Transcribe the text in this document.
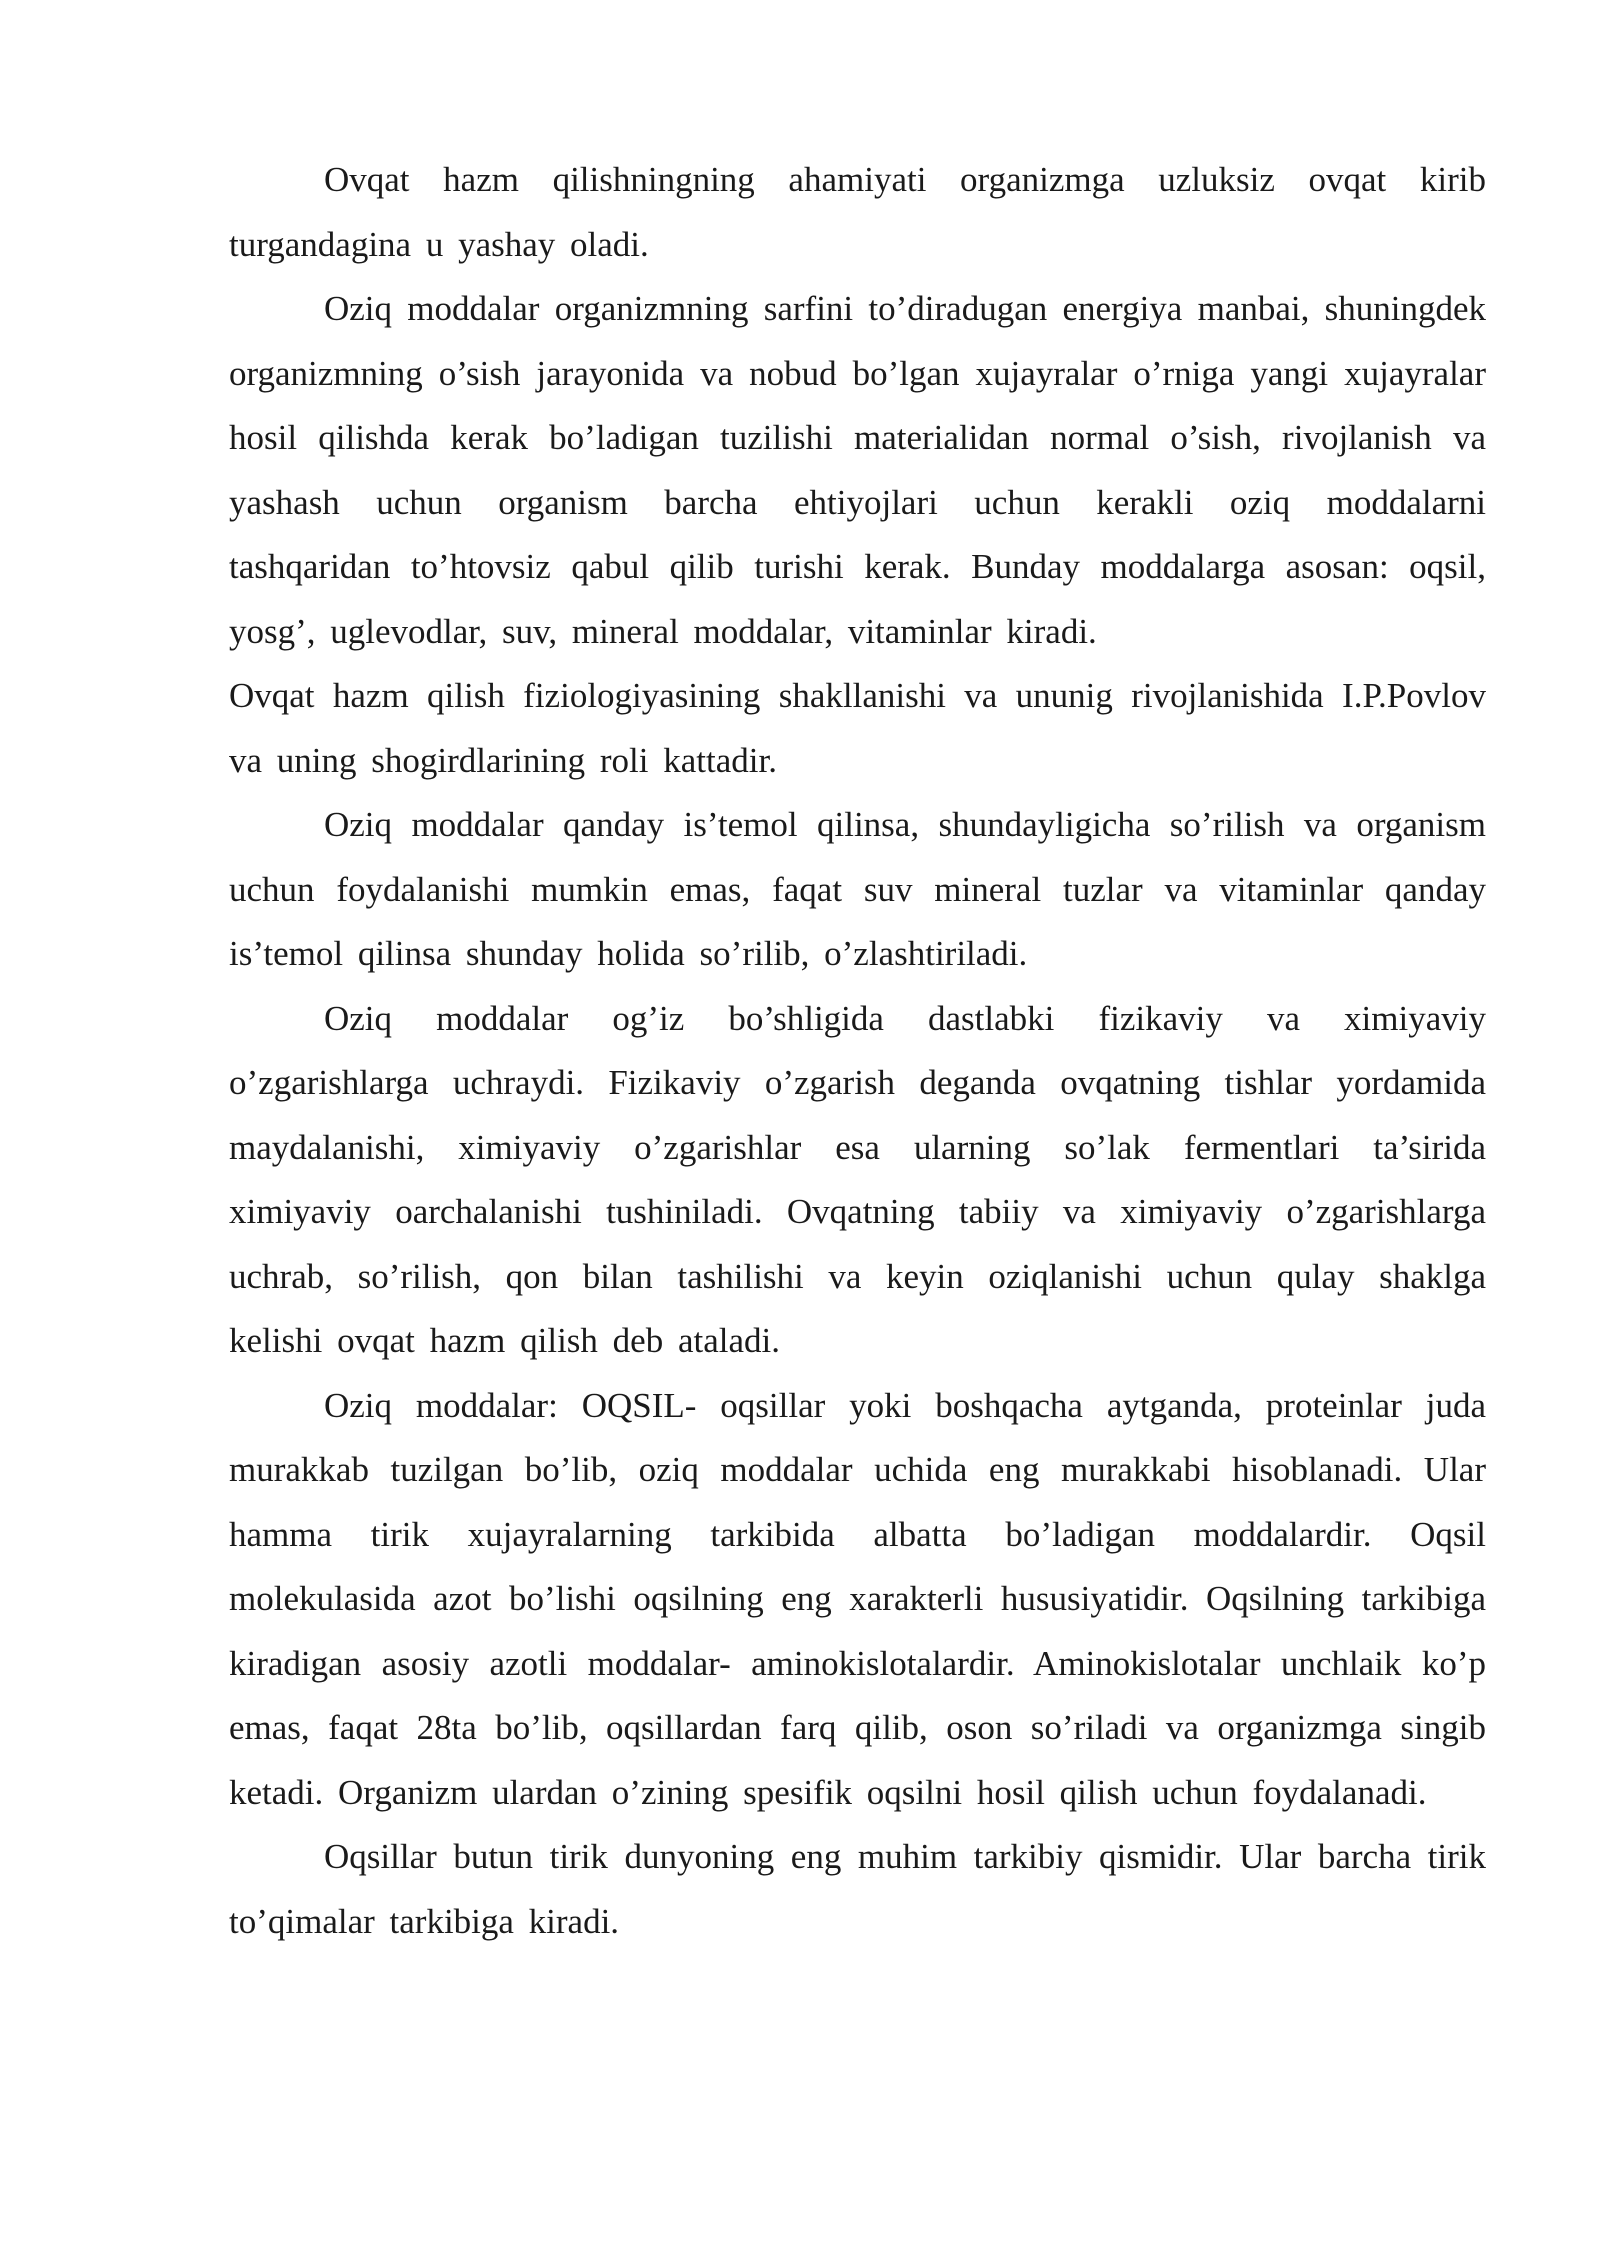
Ovqat hazm qilishningning ahamiyati organizmga uzluksiz ovqat kirib turgandagina u yashay oladi.

Oziq moddalar organizmning sarfini to’diradugan energiya manbai, shuningdek organizmning o’sish jarayonida va nobud bo’lgan xujayralar o’rniga yangi xujayralar hosil qilishda kerak bo’ladigan tuzilishi materialidan normal o’sish, rivojlanish va yashash uchun organism barcha ehtiyojlari uchun kerakli oziq moddalarni tashqaridan to’htovsiz qabul qilib turishi kerak. Bunday moddalarga asosan: oqsil, yosg’, uglevodlar, suv, mineral moddalar, vitaminlar kiradi.

Ovqat hazm qilish fiziologiyasining shakllanishi va ununig rivojlanishida I.P.Povlov va uning shogirdlarining roli kattadir.

Oziq moddalar qanday is’temol qilinsa, shundayligicha so’rilish va organism uchun foydalanishi mumkin emas, faqat suv mineral tuzlar va vitaminlar qanday is’temol qilinsa shunday holida so’rilib, o’zlashtiriladi.

Oziq moddalar og’iz bo’shligida dastlabki fizikaviy va ximiyaviy o’zgarishlarga uchraydi. Fizikaviy o’zgarish deganda ovqatning tishlar yordamida maydalanishi, ximiyaviy o’zgarishlar esa ularning so’lak fermentlari ta’sirida ximiyaviy oarchalanishi tushiniladi. Ovqatning tabiiy va ximiyaviy o’zgarishlarga uchrab, so’rilish, qon bilan tashilishi va keyin oziqlanishi uchun qulay shaklga kelishi ovqat hazm qilish deb ataladi.

Oziq moddalar: OQSIL- oqsillar yoki boshqacha aytganda, proteinlar juda murakkab tuzilgan bo’lib, oziq moddalar uchida eng murakkabi hisoblanadi. Ular hamma tirik xujayralarning tarkibida albatta bo’ladigan moddalardir. Oqsil molekulasida azot bo’lishi oqsilning eng xarakterli hususiyatidir. Oqsilning tarkibiga kiradigan asosiy azotli moddalar- aminokislotalardir. Aminokislotalar unchlaik ko’p emas, faqat 28ta bo’lib, oqsillardan farq qilib, oson so’riladi va organizmga singib ketadi. Organizm ulardan o’zining spesifik oqsilni hosil qilish uchun foydalanadi.

Oqsillar butun tirik dunyoning eng muhim tarkibiy qismidir. Ular barcha tirik to’qimalar tarkibiga kiradi.
